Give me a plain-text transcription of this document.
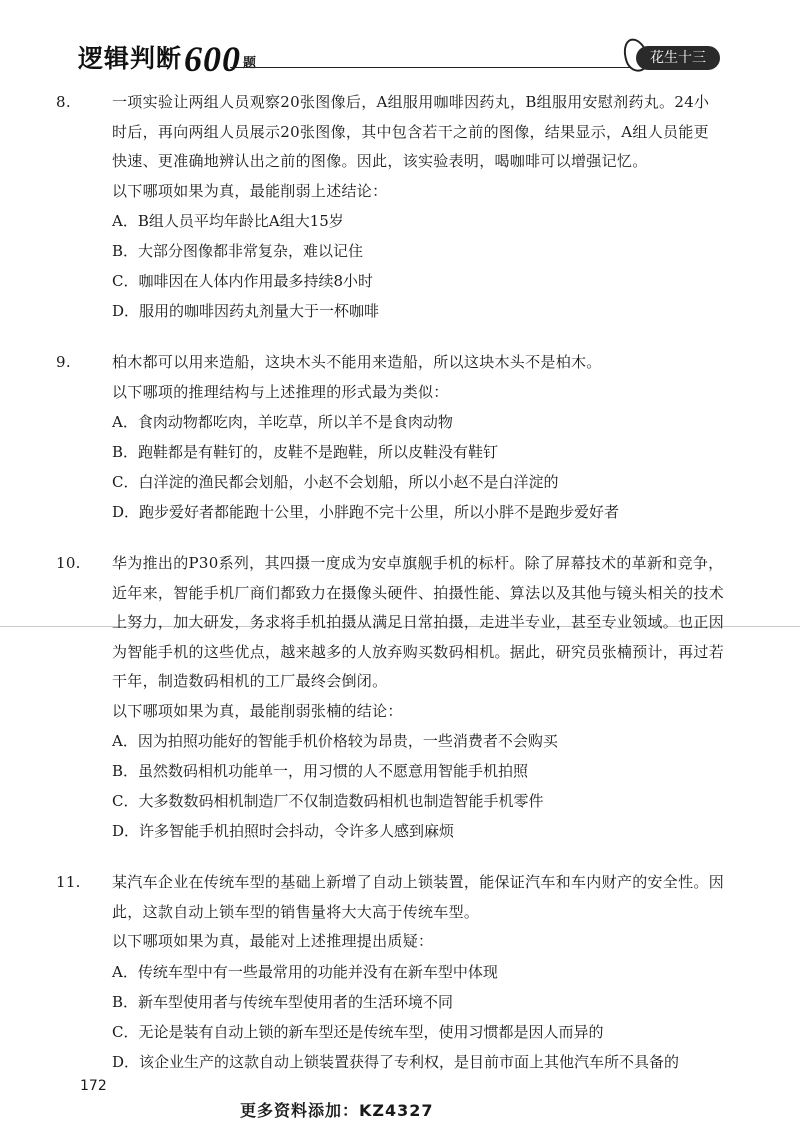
逻辑判断600 题	花生十三
8.	一项实验让两组人员观察20张图像后，A组服用咖啡因药丸，B组服用安慰剂药丸。24小时后，再向两组人员展示20张图像，其中包含若干之前的图像，结果显示，A组人员能更快速、更准确地辨认出之前的图像。因此，该实验表明，喝咖啡可以增强记忆。
以下哪项如果为真，最能削弱上述结论：
A．B组人员平均年龄比A组大15岁
B．大部分图像都非常复杂，难以记住
C．咖啡因在人体内作用最多持续8小时
D．服用的咖啡因药丸剂量大于一杯咖啡
9.	柏木都可以用来造船，这块木头不能用来造船，所以这块木头不是柏木。
以下哪项的推理结构与上述推理的形式最为类似：
A．食肉动物都吃肉，羊吃草，所以羊不是食肉动物
B．跑鞋都是有鞋钉的，皮鞋不是跑鞋，所以皮鞋没有鞋钉
C．白洋淀的渔民都会划船，小赵不会划船，所以小赵不是白洋淀的
D．跑步爱好者都能跑十公里，小胖跑不完十公里，所以小胖不是跑步爱好者
10. 华为推出的P30系列，其四摄一度成为安卓旗舰手机的标杆。除了屏幕技术的革新和竞争，近年来，智能手机厂商们都致力在摄像头硬件、拍摄性能、算法以及其他与镜头相关的技术上努力，加大研发，务求将手机拍摄从满足日常拍摄，走进半专业，甚至专业领域。也正因为智能手机的这些优点，越来越多的人放弃购买数码相机。据此，研究员张楠预计，再过若干年，制造数码相机的工厂最终会倒闭。
以下哪项如果为真，最能削弱张楠的结论：
A．因为拍照功能好的智能手机价格较为昂贵，一些消费者不会购买
B．虽然数码相机功能单一，用习惯的人不愿意用智能手机拍照
C．大多数数码相机制造厂不仅制造数码相机也制造智能手机零件
D．许多智能手机拍照时会抖动，令许多人感到麻烦
11. 某汽车企业在传统车型的基础上新增了自动上锁装置，能保证汽车和车内财产的安全性。因此，这款自动上锁车型的销售量将大大高于传统车型。
以下哪项如果为真，最能对上述推理提出质疑：
A．传统车型中有一些最常用的功能并没有在新车型中体现
B．新车型使用者与传统车型使用者的生活环境不同
C．无论是装有自动上锁的新车型还是传统车型，使用习惯都是因人而异的
D．该企业生产的这款自动上锁装置获得了专利权，是目前市面上其他汽车所不具备的
172
更多资料添加：KZ4327
